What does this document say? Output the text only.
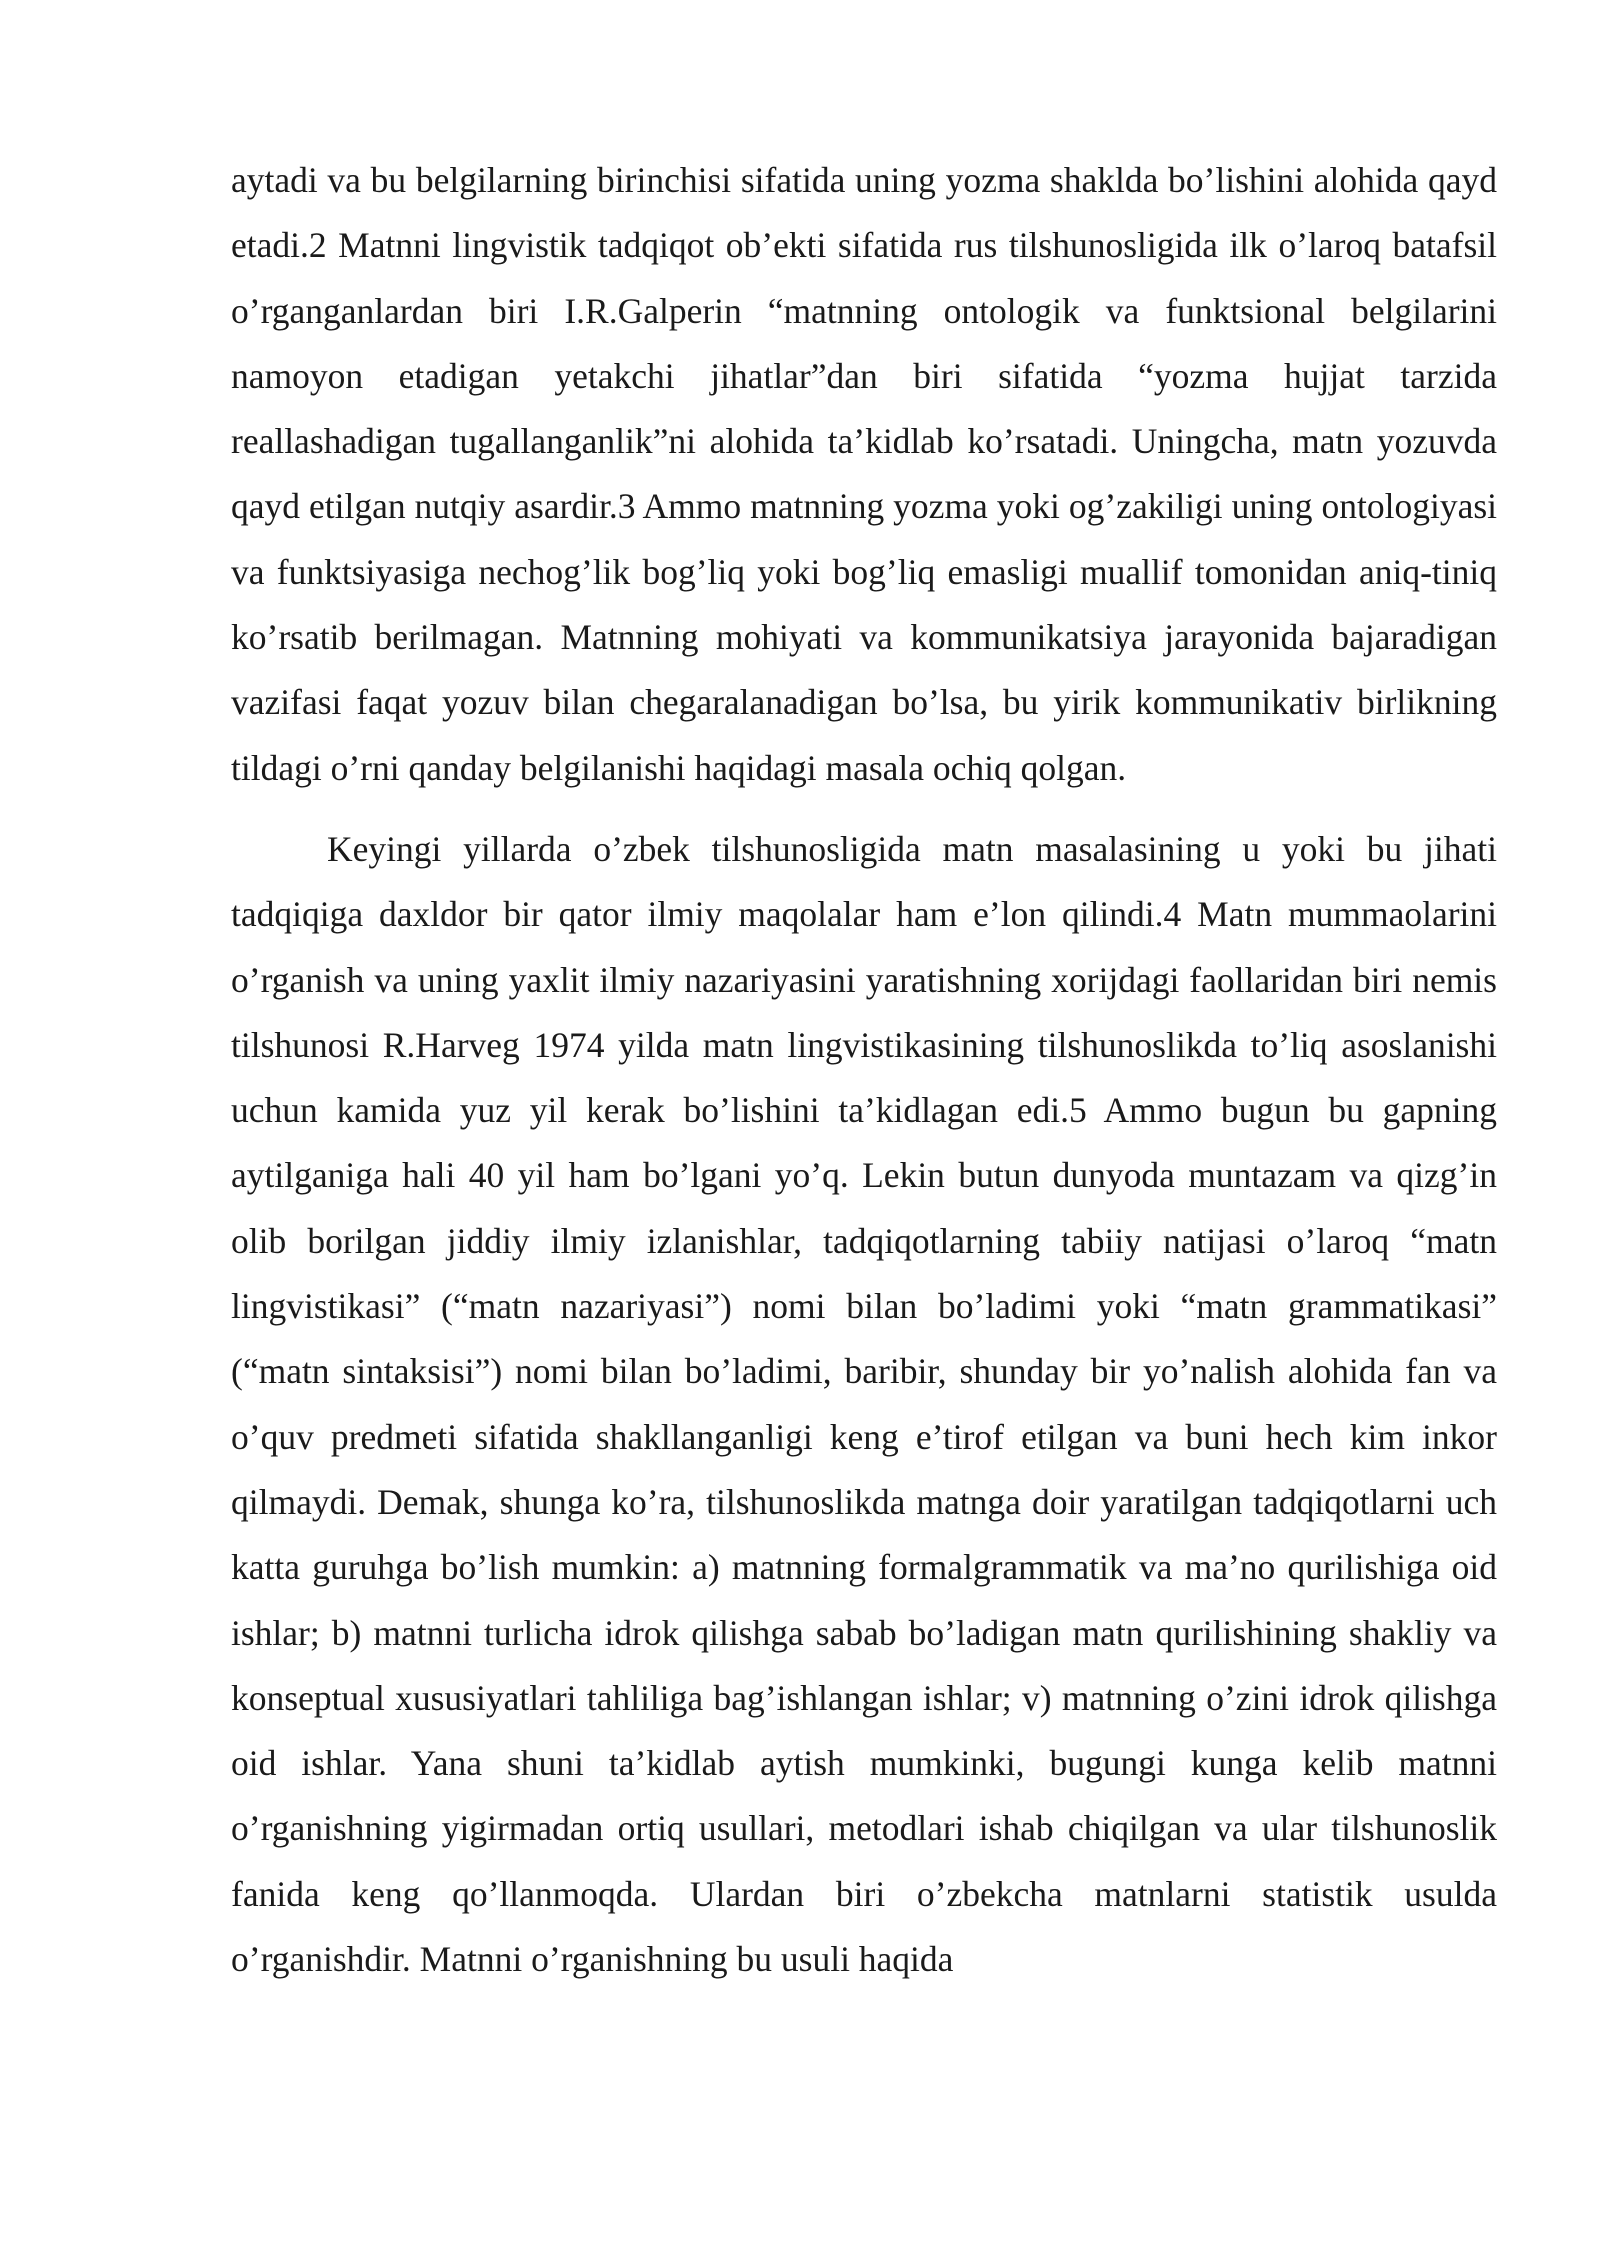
aytadi va bu belgilarning birinchisi sifatida uning yozma shaklda bo’lishini alohida qayd etadi.2 Matnni lingvistik tadqiqot ob’ekti sifatida rus tilshunosligida ilk o’laroq batafsil o’rganganlardan biri I.R.Galperin “matnning ontologik va funktsional belgilarini namoyon etadigan yetakchi jihatlar”dan biri sifatida “yozma hujjat tarzida reallashadigan tugallanganlik”ni alohida ta’kidlab ko’rsatadi. Uningcha, matn yozuvda qayd etilgan nutqiy asardir.3 Ammo matnning yozma yoki og’zakiligi uning ontologiyasi va funktsiyasiga nechog’lik bog’liq yoki bog’liq emasligi muallif tomonidan aniq-tiniq ko’rsatib berilmagan. Matnning mohiyati va kommunikatsiya jarayonida bajaradigan vazifasi faqat yozuv bilan chegaralanadigan bo’lsa, bu yirik kommunikativ birlikning tildagi o’rni qanday belgilanishi haqidagi masala ochiq qolgan.

Keyingi yillarda o’zbek tilshunosligida matn masalasining u yoki bu jihati tadqiqiga daxldor bir qator ilmiy maqolalar ham e’lon qilindi.4 Matn mummaolarini o’rganish va uning yaxlit ilmiy nazariyasini yaratishning xorijdagi faollaridan biri nemis tilshunosi R.Harveg 1974 yilda matn lingvistikasining tilshunoslikda to’liq asoslanishi uchun kamida yuz yil kerak bo’lishini ta’kidlagan edi.5 Ammo bugun bu gapning aytilganiga hali 40 yil ham bo’lgani yo’q. Lekin butun dunyoda muntazam va qizg’in olib borilgan jiddiy ilmiy izlanishlar, tadqiqotlarning tabiiy natijasi o’laroq “matn lingvistikasi” (“matn nazariyasi”) nomi bilan bo’ladimi yoki “matn grammatikasi” (“matn sintaksisi”) nomi bilan bo’ladimi, baribir, shunday bir yo’nalish alohida fan va o’quv predmeti sifatida shakllanganligi keng e’tirof etilgan va buni hech kim inkor qilmaydi. Demak, shunga ko’ra, tilshunoslikda matnga doir yaratilgan tadqiqotlarni uch katta guruhga bo’lish mumkin: a) matnning formalgrammatik va ma’no qurilishiga oid ishlar; b) matnni turlicha idrok qilishga sabab bo’ladigan matn qurilishining shakliy va konseptual xususiyatlari tahliliga bag’ishlangan ishlar; v) matnning o’zini idrok qilishga oid ishlar. Yana shuni ta’kidlab aytish mumkinki, bugungi kunga kelib matnni o’rganishning yigirmadan ortiq usullari, metodlari ishab chiqilgan va ular tilshunoslik fanida keng qo’llanmoqda. Ulardan biri o’zbekcha matnlarni statistik usulda o’rganishdir. Matnni o’rganishning bu usuli haqida
